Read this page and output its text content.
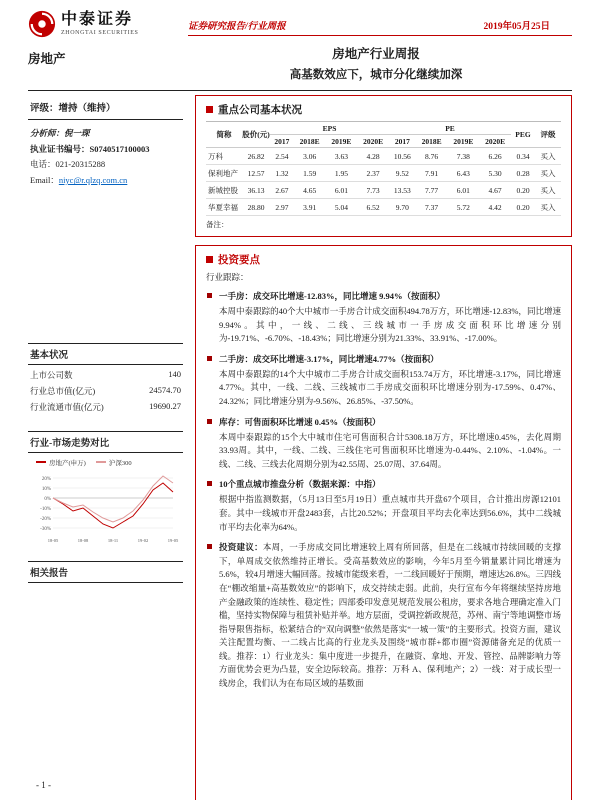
中泰证券
ZHONGTAI SECURITIES
证券研究报告/行业周报	2019年05月25日
房地产	房地产行业周报
高基数效应下，城市分化继续加深
评级：增持（维持）
分析师：倪一琛
执业证书编号：S0740517100003
电话：021-20315288
Email：niyc@r.qlzq.com.cn
基本状况
上市公司数	140
行业总市值(亿元)	24574.70
行业流通市值(亿元)	19690.27
行业-市场走势对比
房地产(申万)	沪深300
20%
10%
0%
-10%
-20%
-30%
18-05	18-08	18-11	19-02	19-05
相关报告
重点公司基本状况
简称	股价(元)	EPS				PE				PEG	评级
		2017	2018E	2019E	2020E	2017	2018E	2019E	2020E		
万科	26.82	2.54	3.06	3.63	4.28	10.56	8.76	7.38	6.26	0.34	买入
保利地产	12.57	1.32	1.59	1.95	2.37	9.52	7.91	6.43	5.30	0.28	买入
新城控股	36.13	2.67	4.65	6.01	7.73	13.53	7.77	6.01	4.67	0.20	买入
华夏幸福	28.80	2.97	3.91	5.04	6.52	9.70	7.37	5.72	4.42	0.20	买入
备注：
投资要点
行业跟踪：
一手房：成交环比增速-12.83%，同比增速 9.94%（按面积）
本周中泰跟踪的40个大中城市一手房合计成交面积494.78万方，环比增速-12.83%，同比增速9.94%。其中，一线、二线、三线城市一手房成交面积环比增速分别为-19.71%、-6.70%、-18.43%；同比增速分别为21.33%、33.91%、-17.00%。
二手房：成交环比增速-3.17%，同比增速4.77%（按面积）
本周中泰跟踪的14个大中城市二手房合计成交面积153.74万方，环比增速-3.17%，同比增速4.77%。其中，一线、二线、三线城市二手房成交面积环比增速分别为-17.59%、0.47%、24.32%；同比增速分别为-9.56%、26.85%、-37.50%。
库存：可售面积环比增速 0.45%（按面积）
本周中泰跟踪的15个大中城市住宅可售面积合计5308.18万方，环比增速0.45%，去化周期33.93周。其中，一线、二线、三线住宅可售面积环比增速为-0.44%、2.10%、-1.04%。一线、二线、三线去化周期分别为42.55周、25.07周、37.64周。
10个重点城市推盘分析（数据来源：中指）
根据中指监测数据，（5月13日至5月19日）重点城市共开盘67个项目，合计推出房源12101套。其中一线城市开盘2483套，占比20.52%；开盘项目平均去化率达到56.6%，其中二线城市平均去化率为64%。
投资建议：本周，一手房成交同比增速较上周有所回落，但是在二线城市持续回暖的支撑下，单周成交依然维持正增长。受高基数效应的影响，今年5月至今销量累计同比增速为5.6%，较4月增速大幅回落。按城市能级来看，一二线回暖好于预期，增速达26.8%。三四线在“棚改缩量+高基数效应”的影响下，成交持续走弱。此前，央行宣布今年将继续坚持房地产金融政策的连续性、稳定性；四部委印发意见规范发展公租房，要求各地合理确定准入门槛，坚持实物保障与租赁补贴并举。地方层面，受调控新政规范，苏州、南宁等地调整市场指导限售指标，松紧结合的“双向调整”依然是落实“一城一策”的主要形式。投资方面，建议关注配置均衡、一二线占比高的行业龙头及围绕“城市群+都市圈”资源储备充足的优质一线。推荐：1）行业龙头：集中度进一步提升，在融资、拿地、开发、管控、品牌影响力等方面优势会更为凸显，安全边际较高。推荐：万科 A、保利地产；2）一线：对于成长型一线房企，我们认为在布局区域的基数面
- 1 -
